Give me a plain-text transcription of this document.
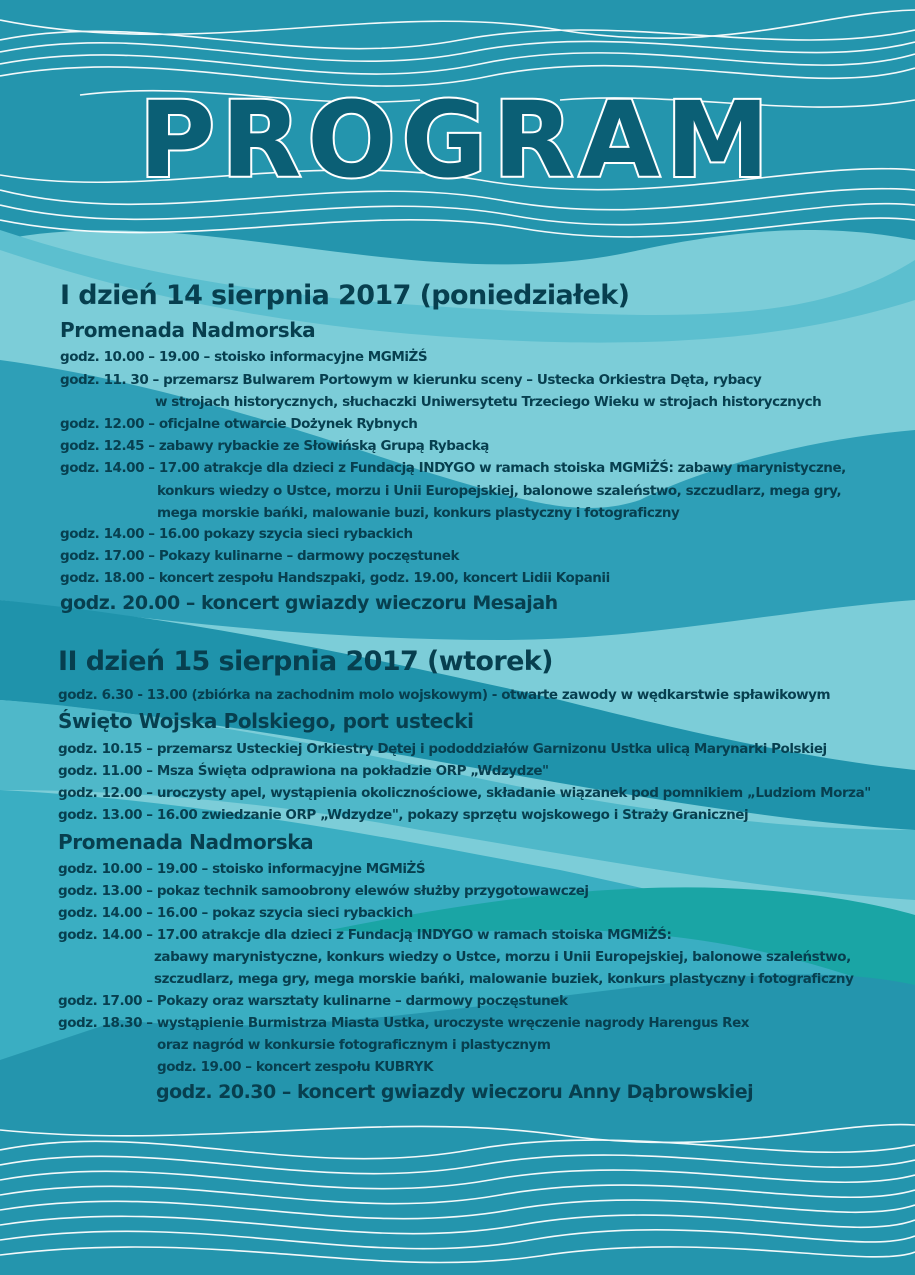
PROGRAM
I dzień 14 sierpnia 2017 (poniedziałek)
Promenada Nadmorska

godz. 10.00 – 19.00 – stoisko informacyjne MGMiŻŚ

godz. 11. 30 – przemarsz Bulwarem Portowym w kierunku sceny – Ustecka Orkiestra Dęta, rybacy

w strojach historycznych, słuchaczki Uniwersytetu Trzeciego Wieku w strojach historycznych

godz. 12.00 – oficjalne otwarcie Dożynek Rybnych

godz. 12.45 – zabawy rybackie ze Słowińską Grupą Rybacką

godz. 14.00 – 17.00 atrakcje dla dzieci z Fundacją INDYGO w ramach stoiska MGMiŻŚ: zabawy marynistyczne,

konkurs wiedzy o Ustce, morzu i Unii Europejskiej, balonowe szaleństwo, szczudlarz, mega gry,

mega morskie bańki, malowanie buzi, konkurs plastyczny i fotograficzny

godz. 14.00 – 16.00 pokazy szycia sieci rybackich

godz. 17.00 – Pokazy kulinarne – darmowy poczęstunek

godz. 18.00 – koncert zespołu Handszpaki, godz. 19.00, koncert Lidii Kopanii

godz. 20.00 – koncert gwiazdy wieczoru Mesajah

II dzień 15 sierpnia 2017 (wtorek)

godz. 6.30 - 13.00 (zbiórka na zachodnim molo wojskowym) - otwarte zawody w wędkarstwie spławikowym

Święto Wojska Polskiego, port ustecki

godz. 10.15 – przemarsz Usteckiej Orkiestry Dętej i pododdziałów Garnizonu Ustka ulicą Marynarki Polskiej

godz. 11.00 – Msza Święta odprawiona na pokładzie ORP „Wdzydze"

godz. 12.00 – uroczysty apel, wystąpienia okolicznościowe, składanie wiązanek pod pomnikiem „Ludziom Morza"

godz. 13.00 – 16.00 zwiedzanie ORP „Wdzydze", pokazy sprzętu wojskowego i Straży Granicznej

Promenada Nadmorska

godz. 10.00 – 19.00 – stoisko informacyjne MGMiŻŚ

godz. 13.00 – pokaz technik samoobrony elewów służby przygotowawczej

godz. 14.00 – 16.00 – pokaz szycia sieci rybackich

godz. 14.00 – 17.00 atrakcje dla dzieci z Fundacją INDYGO w ramach stoiska MGMiŻŚ:

zabawy marynistyczne, konkurs wiedzy o Ustce, morzu i Unii Europejskiej, balonowe szaleństwo,

szczudlarz, mega gry, mega morskie bańki, malowanie buziek, konkurs plastyczny i fotograficzny

godz. 17.00 – Pokazy oraz warsztaty kulinarne – darmowy poczęstunek

godz. 18.30 – wystąpienie Burmistrza Miasta Ustka, uroczyste wręczenie nagrody Harengus Rex

oraz nagród w konkursie fotograficznym i plastycznym

godz. 19.00 – koncert zespołu KUBRYK

godz. 20.30 – koncert gwiazdy wieczoru Anny Dąbrowskiej
